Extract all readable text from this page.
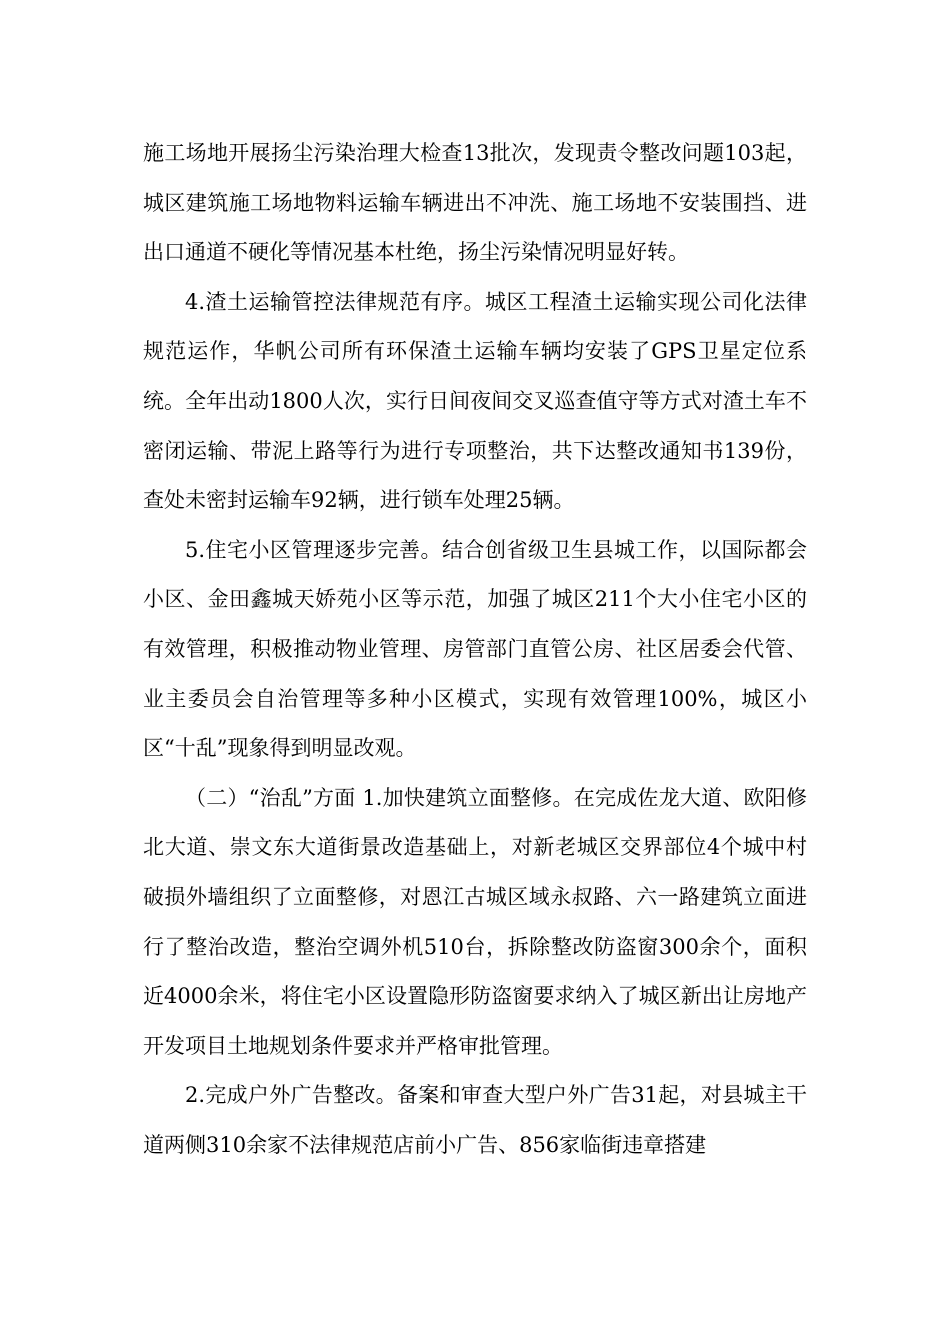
施工场地开展扬尘污染治理大检查13批次，发现责令整改问题103起，城区建筑施工场地物料运输车辆进出不冲洗、施工场地不安装围挡、进出口通道不硬化等情况基本杜绝，扬尘污染情况明显好转。

4.渣土运输管控法律规范有序。城区工程渣土运输实现公司化法律规范运作，华帆公司所有环保渣土运输车辆均安装了GPS卫星定位系统。全年出动1800人次，实行日间夜间交叉巡查值守等方式对渣土车不密闭运输、带泥上路等行为进行专项整治，共下达整改通知书139份，查处未密封运输车92辆，进行锁车处理25辆。

5.住宅小区管理逐步完善。结合创省级卫生县城工作，以国际都会小区、金田鑫城天娇苑小区等示范，加强了城区211个大小住宅小区的有效管理，积极推动物业管理、房管部门直管公房、社区居委会代管、业主委员会自治管理等多种小区模式，实现有效管理100%，城区小区“十乱”现象得到明显改观。

（二）“治乱”方面 1.加快建筑立面整修。在完成佐龙大道、欧阳修北大道、崇文东大道街景改造基础上，对新老城区交界部位4个城中村破损外墙组织了立面整修，对恩江古城区域永叔路、六一路建筑立面进行了整治改造，整治空调外机510台，拆除整改防盗窗300余个，面积近4000余米，将住宅小区设置隐形防盗窗要求纳入了城区新出让房地产开发项目土地规划条件要求并严格审批管理。

2.完成户外广告整改。备案和审查大型户外广告31起，对县城主干道两侧310余家不法律规范店前小广告、856家临街违章搭建
